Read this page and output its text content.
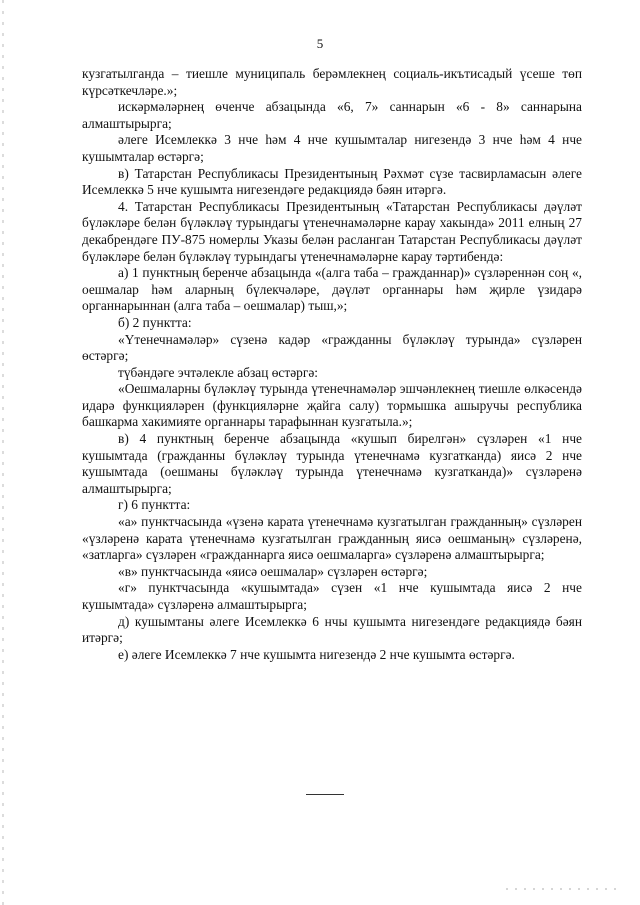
5

кузгатылганда – тиешле муниципаль берәмлекнең социаль-икътисадый үсеше төп күрсәткечләре.»;

искәрмәләрнең өченче абзацында «6, 7» саннарын «6 - 8» саннарына алмаштырырга;

әлеге Исемлеккә 3 нче һәм 4 нче кушымталар нигезендә 3 нче һәм 4 нче кушымталар өстәргә;

в) Татарстан Республикасы Президентының Рәхмәт сүзе тасвирламасын әлеге Исемлеккә 5 нче кушымта нигезендәге редакциядә бәян итәргә.

4. Татарстан Республикасы Президентының «Татарстан Республикасы дәүләт бүләкләре белән бүләкләү турындагы үтенечнамәләрне карау хакында» 2011 елның 27 декабрендәге ПУ-875 номерлы Указы белән расланган Татарстан Республикасы дәүләт бүләкләре белән бүләкләү турындагы үтенечнамәләрне карау тәртибендә:

а) 1 пунктның беренче абзацында «(алга таба – гражданнар)» сүзләреннән соң «, оешмалар һәм аларның бүлекчәләре, дәүләт органнары һәм җирле үзидарә органнарыннан (алга таба – оешмалар) тыш,»;

б) 2 пунктта:

«Үтенечнамәләр» сүзенә кадәр «гражданны бүләкләү турында» сүзләрен өстәргә;

түбәндәге эчтәлекле абзац өстәргә:

«Оешмаларны бүләкләү турында үтенечнамәләр эшчәнлекнең тиешле өлкәсендә идарә функцияләрен (функцияләрне җайга салу) тормышка ашыручы республика башкарма хакимияте органнары тарафыннан кузгатыла.»;

в) 4 пунктның беренче абзацында «кушып бирелгән» сүзләрен «1 нче кушымтада (гражданны бүләкләү турында үтенечнамә кузгатканда) яисә 2 нче кушымтада (оешманы бүләкләү турында үтенечнамә кузгатканда)» сүзләренә алмаштырырга;

г) 6 пунктта:

«а» пунктчасында «үзенә карата үтенечнамә кузгатылган гражданның» сүзләрен «үзләренә карата үтенечнамә кузгатылган гражданның яисә оешманың» сүзләренә, «затларга» сүзләрен «гражданнарга яисә оешмаларга» сүзләренә алмаштырырга;

«в» пунктчасында «яисә оешмалар» сүзләрен өстәргә;

«г» пунктчасында «кушымтада» сүзен «1 нче кушымтада яисә 2 нче кушымтада» сүзләренә алмаштырырга;

д) кушымтаны әлеге Исемлеккә 6 нчы кушымта нигезендәге редакциядә бәян итәргә;

е) әлеге Исемлеккә 7 нче кушымта нигезендә 2 нче кушымта өстәргә.
